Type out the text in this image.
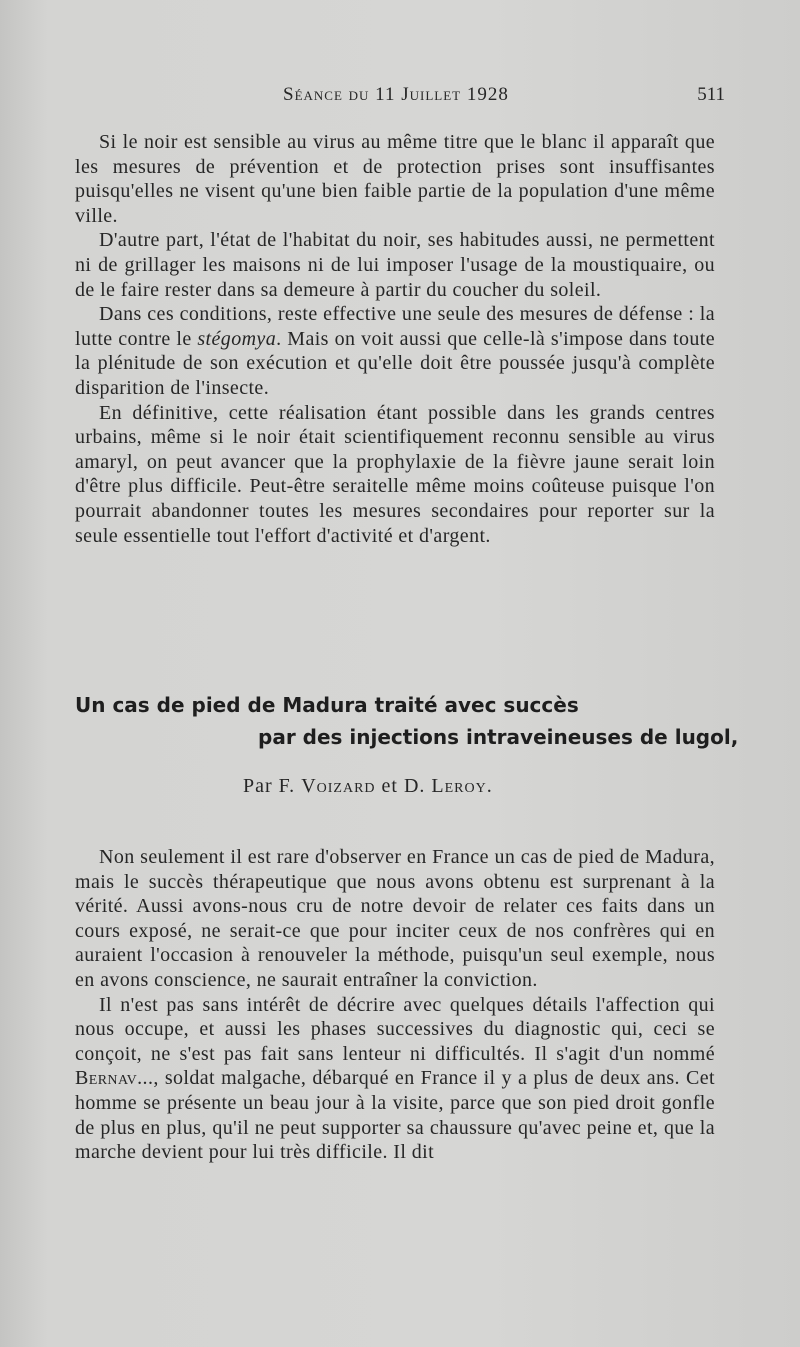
Séance du 11 Juillet 1928	511

Si le noir est sensible au virus au même titre que le blanc il apparaît que les mesures de prévention et de protection prises sont insuffisantes puisqu'elles ne visent qu'une bien faible partie de la population d'une même ville.

D'autre part, l'état de l'habitat du noir, ses habitudes aussi, ne permettent ni de grillager les maisons ni de lui imposer l'usage de la moustiquaire, ou de le faire rester dans sa demeure à partir du coucher du soleil.

Dans ces conditions, reste effective une seule des mesures de défense : la lutte contre le stégomya. Mais on voit aussi que celle-là s'impose dans toute la plénitude de son exécution et qu'elle doit être poussée jusqu'à complète disparition de l'insecte.

En définitive, cette réalisation étant possible dans les grands centres urbains, même si le noir était scientifiquement reconnu sensible au virus amaryl, on peut avancer que la prophylaxie de la fièvre jaune serait loin d'être plus difficile. Peut-être seraitelle même moins coûteuse puisque l'on pourrait abandonner toutes les mesures secondaires pour reporter sur la seule essentielle tout l'effort d'activité et d'argent.

Un cas de pied de Madura traité avec succès
par des injections intraveineuses de lugol,
Par F. Voizard et D. Leroy.

Non seulement il est rare d'observer en France un cas de pied de Madura, mais le succès thérapeutique que nous avons obtenu est surprenant à la vérité. Aussi avons-nous cru de notre devoir de relater ces faits dans un cours exposé, ne serait-ce que pour inciter ceux de nos confrères qui en auraient l'occasion à renouveler la méthode, puisqu'un seul exemple, nous en avons conscience, ne saurait entraîner la conviction.

Il n'est pas sans intérêt de décrire avec quelques détails l'affection qui nous occupe, et aussi les phases successives du diagnostic qui, ceci se conçoit, ne s'est pas fait sans lenteur ni difficultés. Il s'agit d'un nommé Bernav..., soldat malgache, débarqué en France il y a plus de deux ans. Cet homme se présente un beau jour à la visite, parce que son pied droit gonfle de plus en plus, qu'il ne peut supporter sa chaussure qu'avec peine et, que la marche devient pour lui très difficile. Il dit
